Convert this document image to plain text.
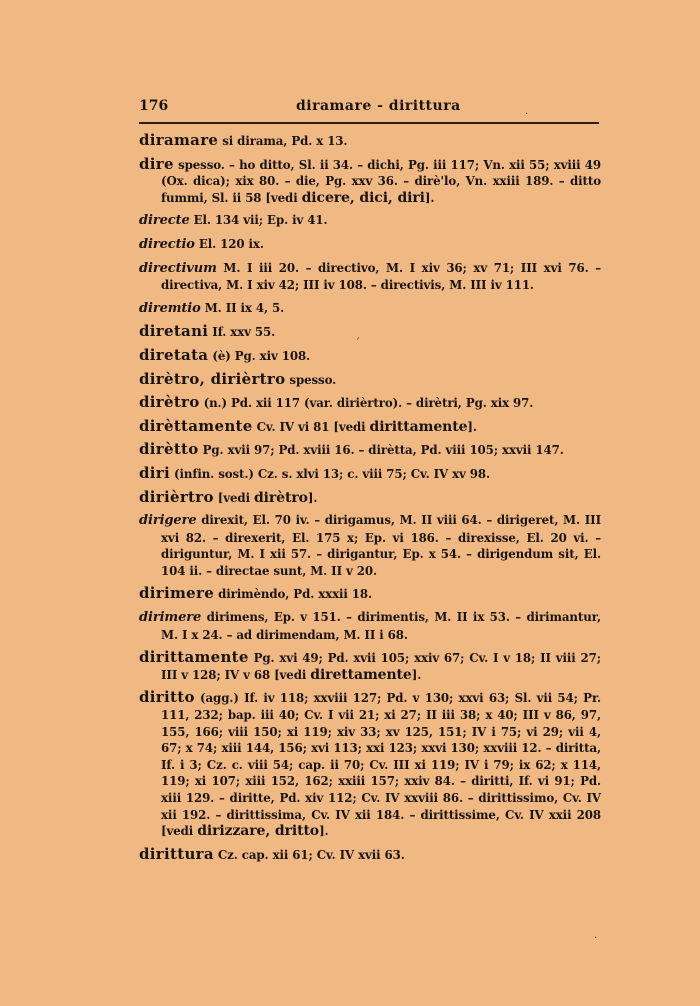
176	diramare - dirittura	.
diramare si dirama, Pd. x 13.
dire spesso. – ho ditto, Sl. ii 34. – dichi, Pg. iii 117; Vn. xii 55; xviii 49 (Ox. dica); xix 80. – die, Pg. xxv 36. – dirè'lo, Vn. xxiii 189. – ditto fummi, Sl. ii 58 [vedi dicere, dici, diri].
directe El. 134 vii; Ep. iv 41.
directio El. 120 ix.
directivum M. I iii 20. – directivo, M. I xiv 36; xv 71; III xvi 76. – directiva, M. I xiv 42; III iv 108. – directivis, M. III iv 111.
diremtio M. II ix 4, 5.
diretani If. xxv 55.
diretata (è) Pg. xiv 108.
dirètro, dirièrtro spesso.
dirètro (n.) Pd. xii 117 (var. dirièrtro). – dirètri, Pg. xix 97.
dirèttamente Cv. IV vi 81 [vedi dirittamente].
dirètto Pg. xvii 97; Pd. xviii 16. – dirètta, Pd. viii 105; xxvii 147.
diri (infin. sost.) Cz. s. xlvi 13; c. viii 75; Cv. IV xv 98.
dirièrtro [vedi dirètro].
dirigere direxit, El. 70 iv. – dirigamus, M. II viii 64. – dirigeret, M. III xvi 82. – direxerit, El. 175 x; Ep. vi 186. – direxisse, El. 20 vi. – diriguntur, M. I xii 57. – dirigantur, Ep. x 54. – dirigendum sit, El. 104 ii. – directae sunt, M. II v 20.
dirimere dirimèndo, Pd. xxxii 18.
dirimere dirimens, Ep. v 151. – dirimentis, M. II ix 53. – dirimantur, M. I x 24. – ad dirimendam, M. II i 68.
dirittamente Pg. xvi 49; Pd. xvii 105; xxiv 67; Cv. I v 18; II viii 27; III v 128; IV v 68 [vedi direttamente].
diritto (agg.) If. iv 118; xxviii 127; Pd. v 130; xxvi 63; Sl. vii 54; Pr. 111, 232; bap. iii 40; Cv. I vii 21; xi 27; II iii 38; x 40; III v 86, 97, 155, 166; viii 150; xi 119; xiv 33; xv 125, 151; IV i 75; vi 29; vii 4, 67; x 74; xiii 144, 156; xvi 113; xxi 123; xxvi 130; xxviii 12. – diritta, If. i 3; Cz. c. viii 54; cap. ii 70; Cv. III xi 119; IV i 79; ix 62; x 114, 119; xi 107; xiii 152, 162; xxiii 157; xxiv 84. – diritti, If. vi 91; Pd. xiii 129. – diritte, Pd. xiv 112; Cv. IV xxviii 86. – dirittissimo, Cv. IV xii 192. – dirittissima, Cv. IV xii 184. – dirittissime, Cv. IV xxii 208 [vedi dirizzare, dritto].
dirittura Cz. cap. xii 61; Cv. IV xvii 63.
´
.
